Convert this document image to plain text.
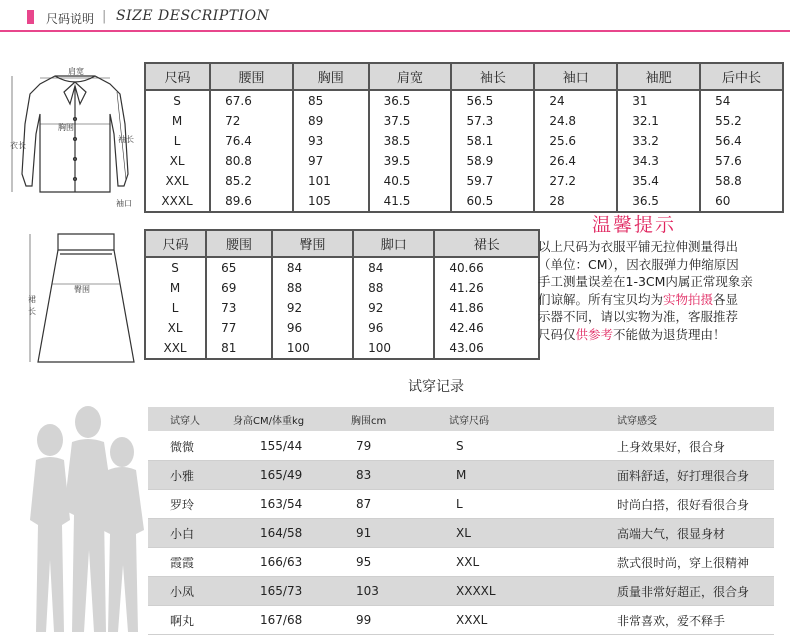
尺码说明 | SIZE DESCRIPTION
肩宽
胸围
衣长
袖长
袖口
尺码	腰围	胸围	肩宽	袖长	袖口	袖肥	后中长
S	67.6	85	36.5	56.5	24	31	54
M	72	89	37.5	57.3	24.8	32.1	55.2
L	76.4	93	38.5	58.1	25.6	33.2	56.4
XL	80.8	97	39.5	58.9	26.4	34.3	57.6
XXL	85.2	101	40.5	59.7	27.2	35.4	58.8
XXXL	89.6	105	41.5	60.5	28	36.5	60
臀围
裙
长
尺码	腰围	臀围	脚口	裙长
S	65	84	84	40.66
M	69	88	88	41.26
L	73	92	92	41.86
XL	77	96	96	42.46
XXL	81	100	100	43.06
温馨提示
以上尺码为衣服平铺无拉伸测量得出
（单位：CM），因衣服弹力伸缩原因
手工测量误差在1-3CM内属正常现象亲
们谅解。所有宝贝均为实物拍摄各显
示器不同，请以实物为准，客服推荐
尺码仅供参考不能做为退货理由！
试穿记录
试穿人	身高CM/体重kg	胸围cm	试穿尺码	试穿感受
微微	155/44	79	S	上身效果好，很合身
小雅	165/49	83	M	面料舒适，好打理很合身
罗玲	163/54	87	L	时尚白搭，很好看很合身
小白	164/58	91	XL	高端大气，很显身材
霞霞	166/63	95	XXL	款式很时尚，穿上很精神
小凤	165/73	103	XXXXL	质量非常好超正，很合身
啊丸	167/68	99	XXXL	非常喜欢，爱不释手
